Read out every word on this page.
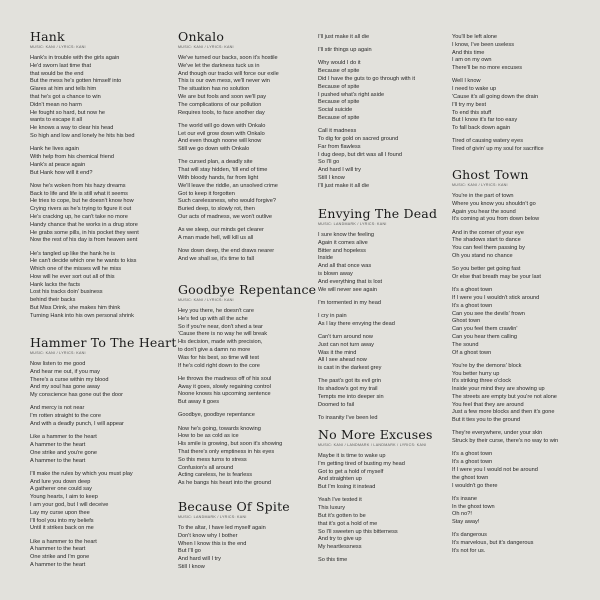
Hank
MUSIC: KANI / LYRICS: KANI
Hank's in trouble with the girls again
He'd sworn last time that
that would be the end
But the mess he's gotten himself into
Glares at him and tells him
that he's got a chance to win
Didn't mean no harm
He fought so hard, but now he
wants to escape it all
He knows a way to clear his head
So high and low and lonely he hits his bed
Hank he lives again
With help from his chemical friend
Hank's at peace again
But Hank how will it end?
Now he's woken from his hazy dreams
Back to life and life is still what it seems
He tries to cope, but he doesn't know how
Crying rivers as he's trying to figure it out
He's cracking up, he can't take no more
Handy chance that he works in a drug store
He grabs some pills, in his pocket they went
Now the rest of his day is from heaven sent
He's tangled up like the hank he is
He can't decide which one he wants to kiss
Which one of the misses will he miss
How will he ever sort out all of this
Hank lacks the facts
Lost his tracks doin' business
behind their backs
But Miss Drink, she makes him think
Turning Hank into his own personal shrink
Hammer To The Heart
MUSIC: KANI / LYRICS: KANI
Now listen to me good
And hear me out, if you may
There's a curse within my blood
And my soul has gone away
My conscience has gone out the door
And mercy is not near
I'm rotten straight to the core
And with a deadly punch, I will appear
Like a hammer to the heart
A hammer to the heart
One strike and you're gone
A hammer to the heart
I'll make the rules by which you must play
And lure you down deep
A gatherer one could say
Young hearts, I aim to keep
I am your god, but I will deceive
Lay my curse upon thee
I'll fool you into my beliefs
Until it strikes back on me
Like a hammer to the heart
A hammer to the heart
One strike and I'm gone
A hammer to the heart
Onkalo
MUSIC: KANI / LYRICS: KANI
We've turned our backs, soon it's hostile
We've let the darkness tuck us in
And though our tracks will force our exile
This is our own mess, we'll never win
The situation has no solution
We are but fools and soon we'll pay
The complications of our pollution
Requires tools, to face another day
The world will go down with Onkalo
Let our evil grow down with Onkalo
And even though noone will know
Still we go down with Onkalo
The cursed plan, a deadly site
That will stay hidden, 'till end of time
With bloody hands, far from light
We'll leave the riddle, an unsolved crime
Got to keep it forgotten
Such carelessness, who would forgive?
Buried deep, to slowly rot, then
Our acts of madness, we won't outlive
As we sleep, our minds get clearer
A man made hell, will kill us all
Now down deep, the end draws nearer
And we shall se, it's time to fall
Goodbye Repentance
MUSIC: KANI / LYRICS: KANI
Hey you there, he doesn't care
He's fed up with all the ache
So if you're near, don't shed a tear
'Cause there is no way he will break
His decision, made with precision,
to don't give a damn no more
Was for his best, so time will test
If he's cold right down to the core
He throws the madness off of his soul
Away it goes, slowly regaining control
Noone knows his upcoming sentence
But away it goes
Goodbye, goodbye repentance
Now he's going, towards knowing
How to be as cold as ice
His smile is growing, but soon it's showing
That there's only emptiness in his eyes
So this mess turns to stress
Confusion's all around
Acting careless, he is fearless
As he bangs his heart into the ground
Because Of Spite
MUSIC: LANDMARK / LYRICS: KANI
To the altar, I have led myself again
Don't know why I bother
When I know this is the end
But I'll go
And hard will I try
Still I know
I'll just make it all die
I'll stir things up again
Why would I do it
Because of spite
Did I have the guts to go through with it
Because of spite
I pushed what's right aside
Because of spite
Social suicide
Because of spite
Call it madness
To dig for gold on sacred ground
Far from flawless
I dug deep, but dirt was all I found
So I'll go
And hard I will try
Still I know
I'll just make it all die
Envying The Dead
MUSIC: LANDMARK / LYRICS: KANI
I sure know the feeling
Again it comes alive
Bitter and hopeless
Inside
And all that once was
is blown away
And everything that is lost
We will never see again
I'm tormented in my head
I cry in pain
As I lay there envying the dead
Can't turn around now
Just can not turn away
Was it the mind
All I see ahead now
is cast in the darkest grey
The past's got its evil grin
Its shadow's got my trail
Tempts me into deeper sin
Doomed to fail
To insanity I've been led
No More Excuses
MUSIC: KANI / LANDMARK / LANDMARK / LYRICS: KANI
Maybe it is time to wake up
I'm getting tired of busting my head
Got to get a hold of myself
And straighten up
But I'm losing it instead
Yeah I've tested it
This luxury
But it's gotten to be
that it's got a hold of me
So I'll sweeten up this bitterness
And try to give up
My heartlessness
So this time
You'll be left alone
I know, I've been useless
And this time
I am on my own
There'll be no more excuses
Well I know
I need to wake up
'Cause it's all going down the drain
I'll try my best
To end this stuff
But I know it's far too easy
To fall back down again
Tired of causing watery eyes
Tired of givin' up my soul for sacrifice
Ghost Town
MUSIC: KANI / LYRICS: KANI
You're in the part of town
Where you know you shouldn't go
Again you hear the sound
It's coming at you from down below
And in the corner of your eye
The shadows start to dance
You can feel them passing by
Oh you stand no chance
So you better get going fast
Or else that breath may be your last
It's a ghost town
If I were you I wouldn't stick around
It's a ghost town
Can you see the devils' frown
Ghost town
Can you feel them crawlin'
Can you hear them calling
The sound
Of a ghost town
You're by the demons' block
You better hurry up
It's striking three o'clock
Inside your mind they are showing up
The streets are empty but you're not alone
You feel that they are around
Just a few more blocks and then it's gone
But it ties you to the ground
They're everywhere, under your skin
Struck by their curse, there's no way to win
It's a ghost town
It's a ghost town
If I were you I would not be around
the ghost town
I wouldn't go there
It's insane
In the ghost town
Oh no?!
Stay away!
It's dangerous
It's marvelous, but it's dangerous
It's not for us.
